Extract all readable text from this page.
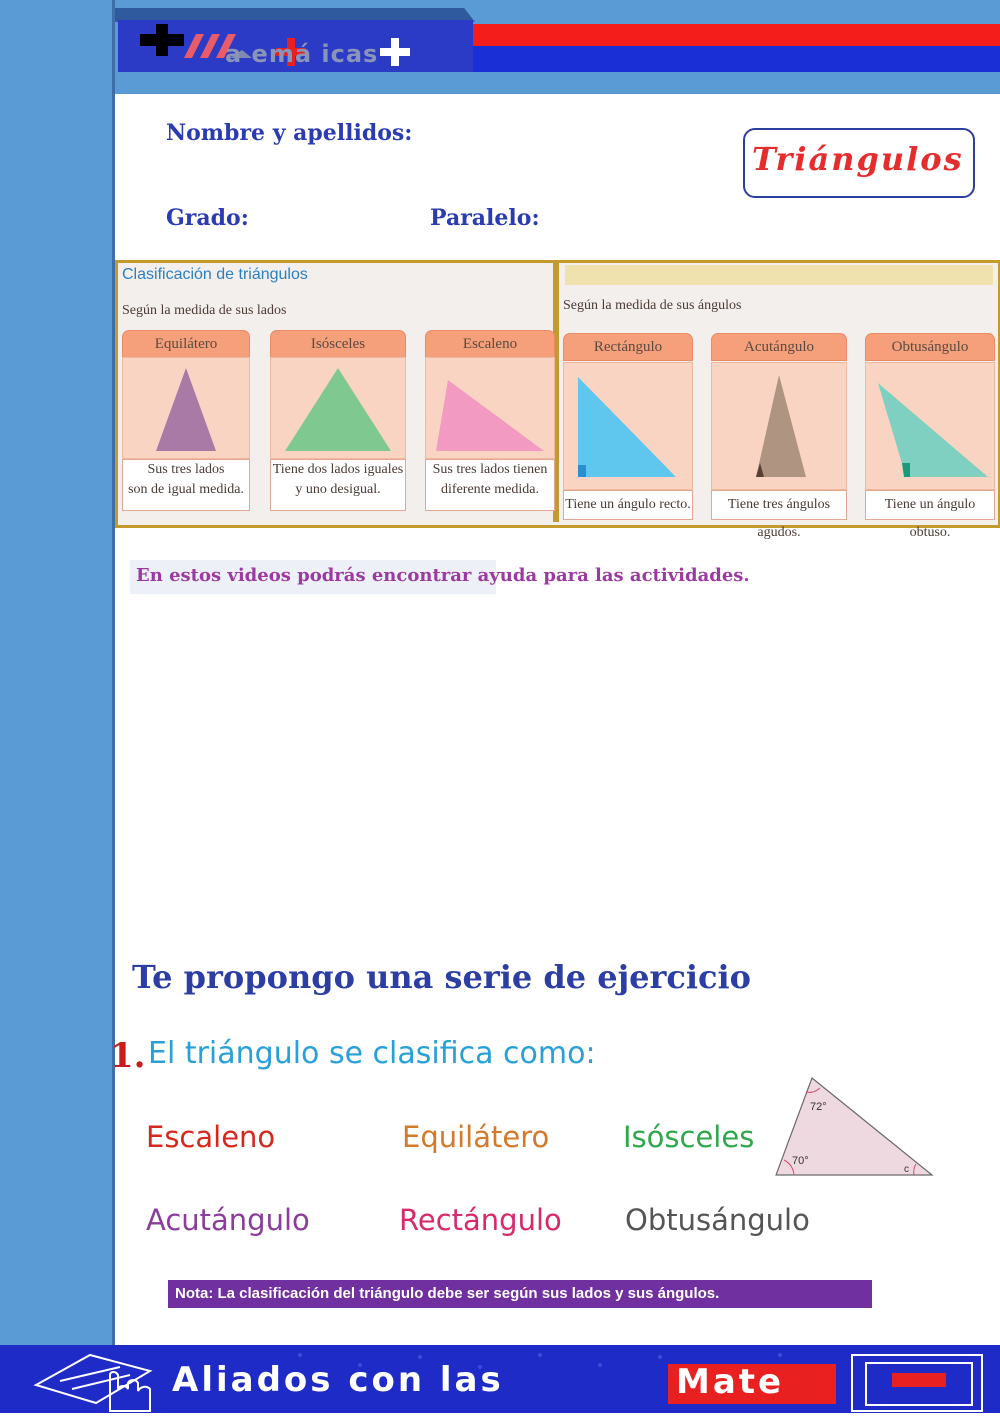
a emá icas
Nombre y apellidos:
Grado:	Paralelo:
Triángulos
Clasificación de triángulos
Según la medida de sus lados	Según la medida de sus ángulos
Equilátero
Sus tres lados
son de igual medida.
Isósceles
Tiene dos lados iguales
y uno desigual.
Escaleno
Sus tres lados tienen
diferente medida.
Rectángulo
Tiene un ángulo recto.
Acutángulo
Tiene tres ángulos agudos.
Obtusángulo
Tiene un ángulo obtuso.
En estos videos podrás encontrar ayuda para las actividades.
Te propongo una serie de ejercicio
1. El triángulo se clasifica como:
Escaleno	Equilátero	Isósceles
Acutángulo	Rectángulo Obtusángulo
72°
70°
c
Nota: La clasificación del triángulo debe ser según sus lados y sus ángulos.
Aliados con las	Mate
